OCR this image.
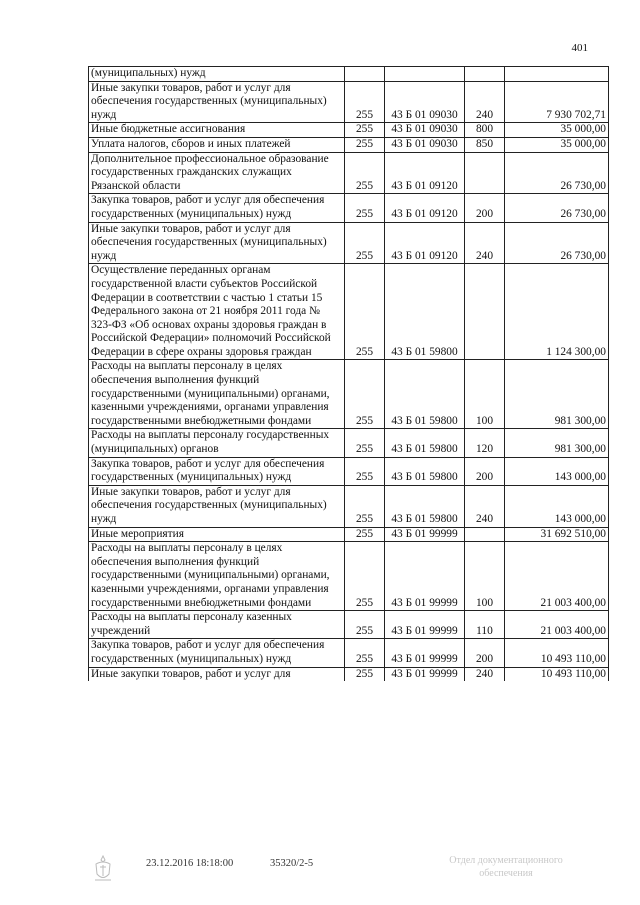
401
(муниципальных) нужд				
Иные закупки товаров, работ и услуг для обеспечения государственных (муниципальных) нужд	255	43 Б 01 09030	240	7 930 702,71
Иные бюджетные ассигнования	255	43 Б 01 09030	800	35 000,00
Уплата налогов, сборов и иных платежей	255	43 Б 01 09030	850	35 000,00
Дополнительное профессиональное образование государственных гражданских служащих Рязанской области	255	43 Б 01 09120		26 730,00
Закупка товаров, работ и услуг для обеспечения государственных (муниципальных) нужд	255	43 Б 01 09120	200	26 730,00
Иные закупки товаров, работ и услуг для обеспечения государственных (муниципальных) нужд	255	43 Б 01 09120	240	26 730,00
Осуществление переданных органам государственной власти субъектов Российской Федерации в соответствии с частью 1 статьи 15 Федерального закона от 21 ноября 2011 года № 323-ФЗ «Об основах охраны здоровья граждан в Российской Федерации» полномочий Российской Федерации в сфере охраны здоровья граждан	255	43 Б 01 59800		1 124 300,00
Расходы на выплаты персоналу в целях обеспечения выполнения функций государственными (муниципальными) органами, казенными учреждениями, органами управления государственными внебюджетными фондами	255	43 Б 01 59800	100	981 300,00
Расходы на выплаты персоналу государственных (муниципальных) органов	255	43 Б 01 59800	120	981 300,00
Закупка товаров, работ и услуг для обеспечения государственных (муниципальных) нужд	255	43 Б 01 59800	200	143 000,00
Иные закупки товаров, работ и услуг для обеспечения государственных (муниципальных) нужд	255	43 Б 01 59800	240	143 000,00
Иные мероприятия	255	43 Б 01 99999		31 692 510,00
Расходы на выплаты персоналу в целях обеспечения выполнения функций государственными (муниципальными) органами, казенными учреждениями, органами управления государственными внебюджетными фондами	255	43 Б 01 99999	100	21 003 400,00
Расходы на выплаты персоналу казенных учреждений	255	43 Б 01 99999	110	21 003 400,00
Закупка товаров, работ и услуг для обеспечения государственных (муниципальных) нужд	255	43 Б 01 99999	200	10 493 110,00
Иные закупки товаров, работ и услуг для	255	43 Б 01 99999	240	10 493 110,00
23.12.2016 18:18:00	35320/2-5	Отдел документационного
обеспечения
